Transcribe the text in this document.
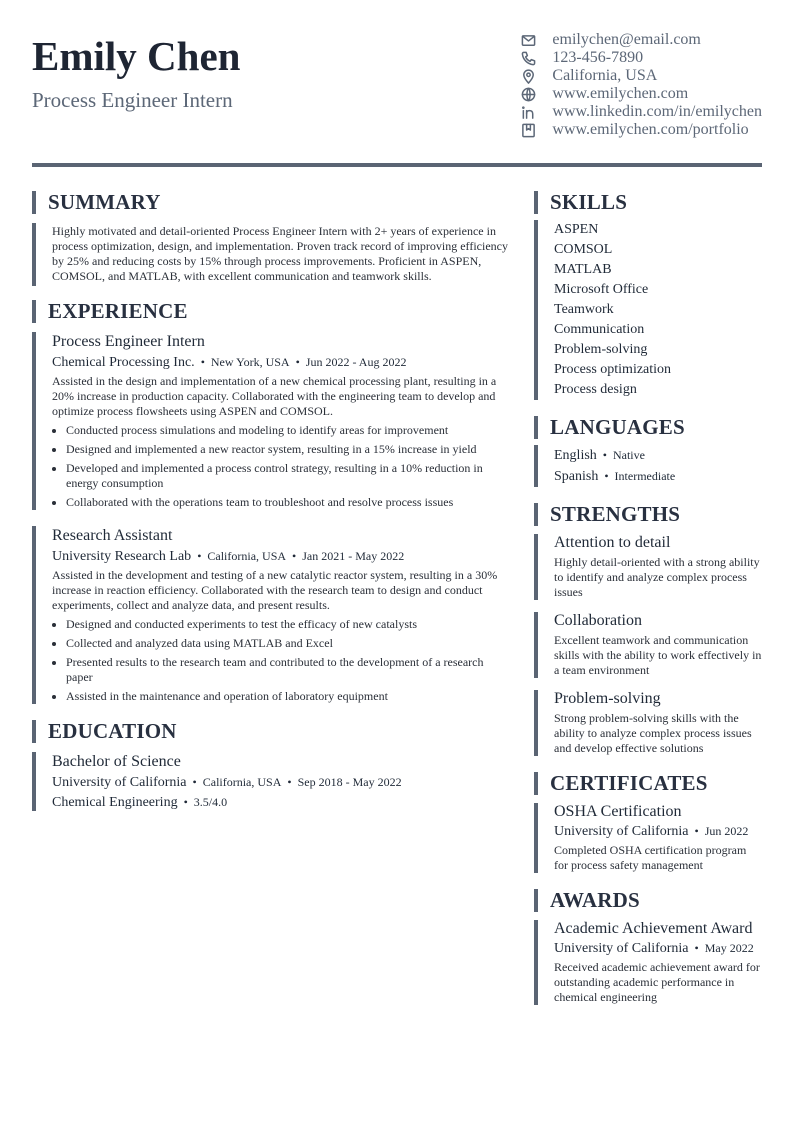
Emily Chen
Process Engineer Intern
emilychen@email.com
123-456-7890
California, USA
www.emilychen.com
www.linkedin.com/in/emilychen
www.emilychen.com/portfolio
SUMMARY
Highly motivated and detail-oriented Process Engineer Intern with 2+ years of experience in process optimization, design, and implementation. Proven track record of improving efficiency by 25% and reducing costs by 15% through process improvements. Proficient in ASPEN, COMSOL, and MATLAB, with excellent communication and teamwork skills.
EXPERIENCE
Process Engineer Intern
Chemical Processing Inc. • New York, USA • Jun 2022 - Aug 2022
Assisted in the design and implementation of a new chemical processing plant, resulting in a 20% increase in production capacity. Collaborated with the engineering team to develop and optimize process flowsheets using ASPEN and COMSOL.
• Conducted process simulations and modeling to identify areas for improvement
• Designed and implemented a new reactor system, resulting in a 15% increase in yield
• Developed and implemented a process control strategy, resulting in a 10% reduction in energy consumption
• Collaborated with the operations team to troubleshoot and resolve process issues
Research Assistant
University Research Lab • California, USA • Jan 2021 - May 2022
Assisted in the development and testing of a new catalytic reactor system, resulting in a 30% increase in reaction efficiency. Collaborated with the research team to design and conduct experiments, collect and analyze data, and present results.
• Designed and conducted experiments to test the efficacy of new catalysts
• Collected and analyzed data using MATLAB and Excel
• Presented results to the research team and contributed to the development of a research paper
• Assisted in the maintenance and operation of laboratory equipment
EDUCATION
Bachelor of Science
University of California • California, USA • Sep 2018 - May 2022
Chemical Engineering • 3.5/4.0
SKILLS
ASPEN
COMSOL
MATLAB
Microsoft Office
Teamwork
Communication
Problem-solving
Process optimization
Process design
LANGUAGES
English • Native
Spanish • Intermediate
STRENGTHS
Attention to detail
Highly detail-oriented with a strong ability to identify and analyze complex process issues
Collaboration
Excellent teamwork and communication skills with the ability to work effectively in a team environment
Problem-solving
Strong problem-solving skills with the ability to analyze complex process issues and develop effective solutions
CERTIFICATES
OSHA Certification
University of California • Jun 2022
Completed OSHA certification program for process safety management
AWARDS
Academic Achievement Award
University of California • May 2022
Received academic achievement award for outstanding academic performance in chemical engineering
